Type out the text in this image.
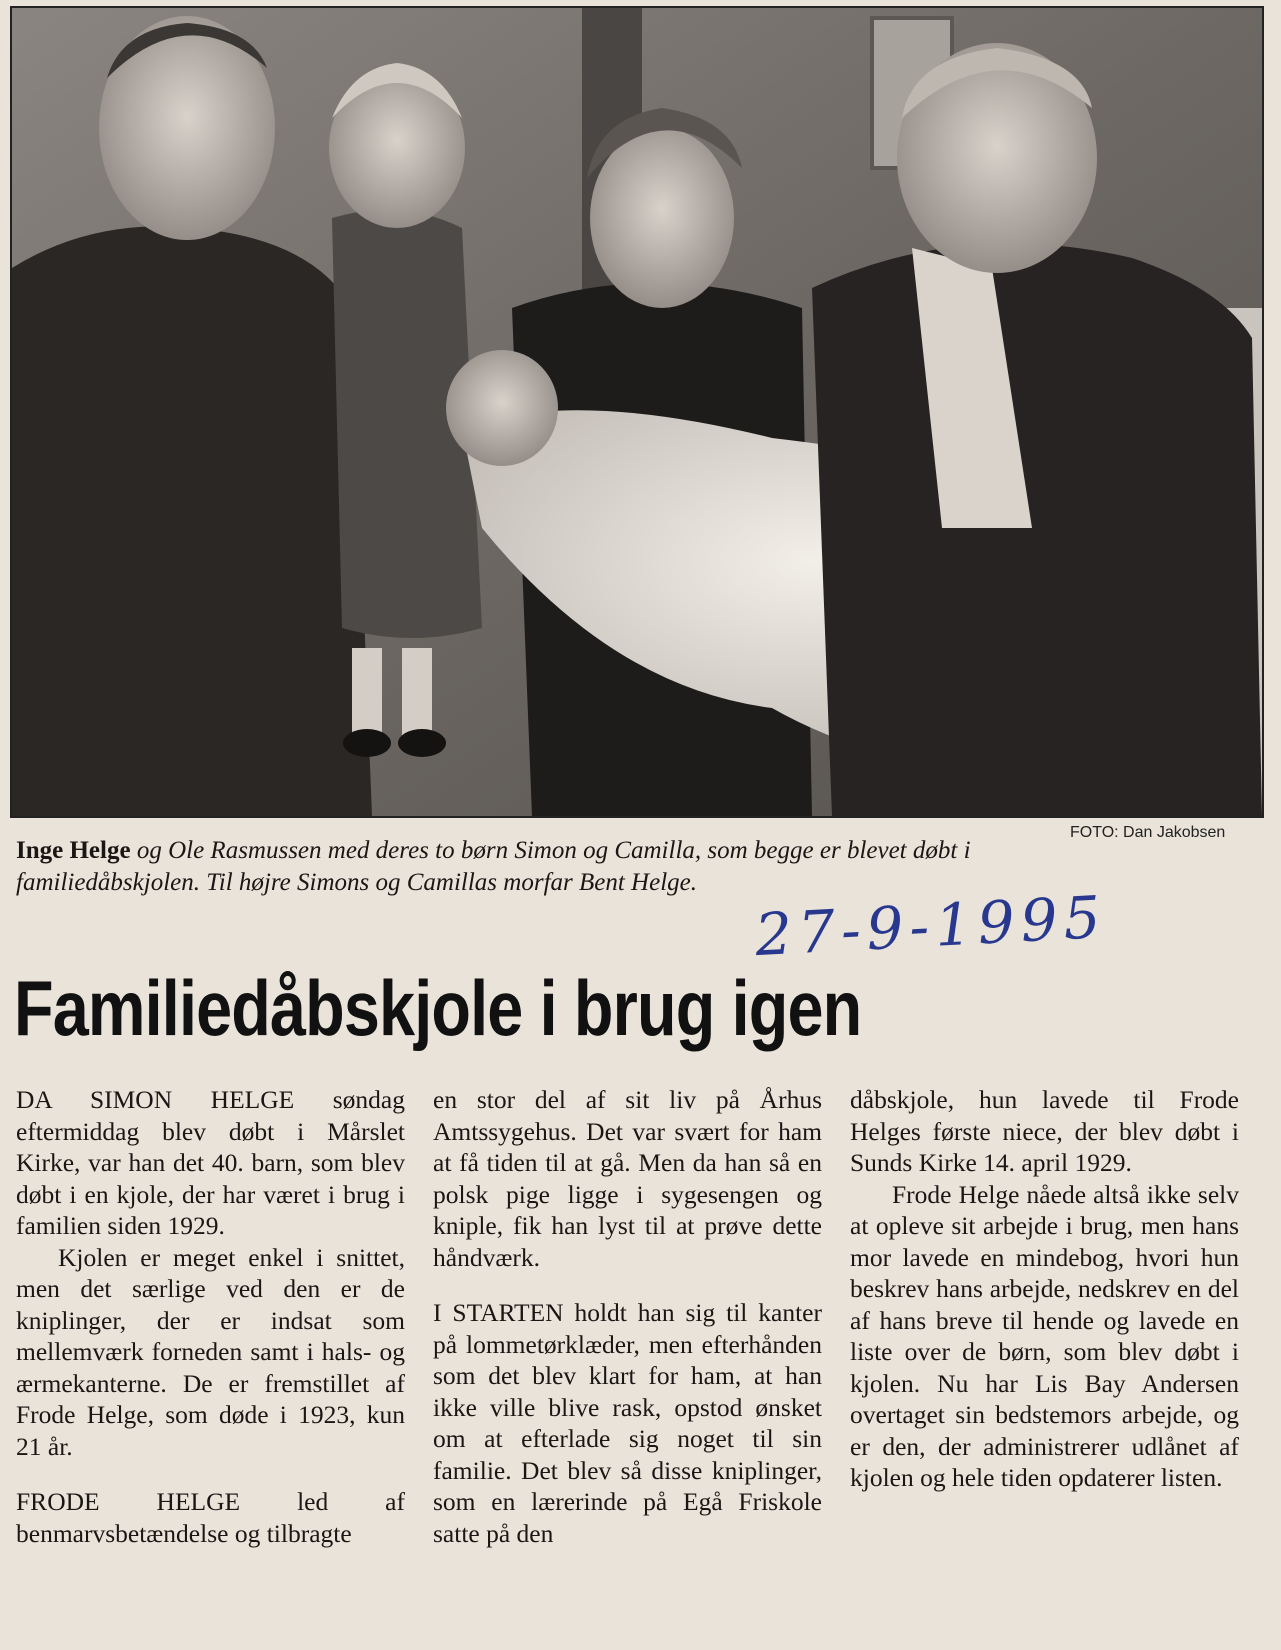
FOTO: Dan Jakobsen
Inge Helge og Ole Rasmussen med deres to børn Simon og Camilla, som begge er blevet døbt i familiedåbskjolen. Til højre Simons og Camillas morfar Bent Helge.
27-9-1995
Familiedåbskjole i brug igen

DA SIMON HELGE søndag eftermiddag blev døbt i Mårslet Kirke, var han det 40. barn, som blev døbt i en kjole, der har været i brug i familien siden 1929.

Kjolen er meget enkel i snittet, men det særlige ved den er de kniplinger, der er indsat som mellemværk forneden samt i hals- og ærmekanterne. De er fremstillet af Frode Helge, som døde i 1923, kun 21 år.

FRODE HELGE led af benmarvsbetændelse og tilbragte

en stor del af sit liv på Århus Amtssygehus. Det var svært for ham at få tiden til at gå. Men da han så en polsk pige ligge i sygesengen og kniple, fik han lyst til at prøve dette håndværk.

I STARTEN holdt han sig til kanter på lommetørklæder, men efterhånden som det blev klart for ham, at han ikke ville blive rask, opstod ønsket om at efterlade sig noget til sin familie. Det blev så disse kniplinger, som en lærerinde på Egå Friskole satte på den

dåbskjole, hun lavede til Frode Helges første niece, der blev døbt i Sunds Kirke 14. april 1929.

Frode Helge nåede altså ikke selv at opleve sit arbejde i brug, men hans mor lavede en mindebog, hvori hun beskrev hans arbejde, nedskrev en del af hans breve til hende og lavede en liste over de børn, som blev døbt i kjolen. Nu har Lis Bay Andersen overtaget sin bedstemors arbejde, og er den, der administrerer udlånet af kjolen og hele tiden opdaterer listen.
